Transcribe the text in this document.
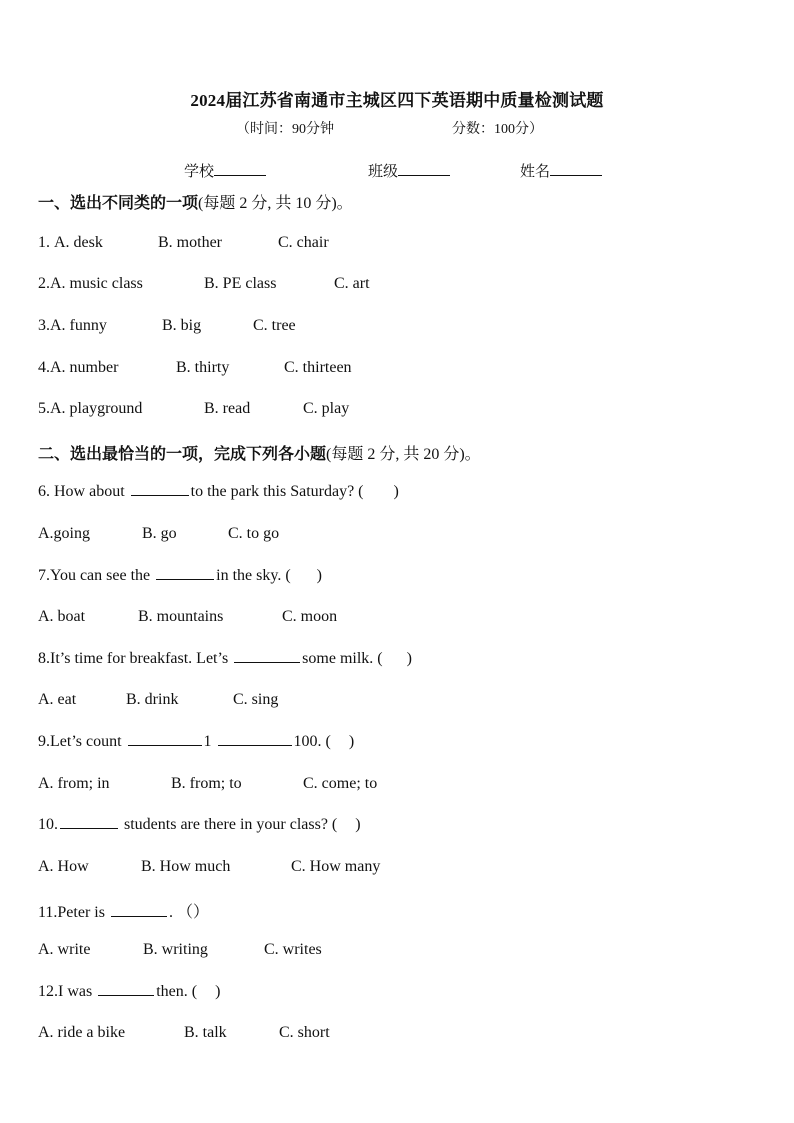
2024届江苏省南通市主城区四下英语期中质量检测试题
（时间：90分钟	分数：100分）
学校	班级	姓名
一、选出不同类的一项(每题 2 分, 共 10 分)。
1. A. desk	B. mother	C. chair
2.A. music class	B. PE class	C. art
3.A. funny	B. big	C. tree
4.A. number	B. thirty	C. thirteen
5.A. playground	B. read	C. play
二、选出最恰当的一项，完成下列各小题(每题 2 分, 共 20 分)。
6. How about	to the park this Saturday? ( )
A.going	B. go	C. to go
7.You can see the	in the sky. ( )
A. boat	B. mountains	C. moon
8.It’s time for breakfast. Let’s	some milk. ( )
A. eat	B. drink	C. sing
9.Let’s count	1	100. ( )
A. from; in	B. from; to	C. come; to
10.	students are there in your class? ( )
A. How	B. How much	C. How many
11.Peter is	. （）
A. write	B. writing	C. writes
12.I was	then. ( )
A. ride a bike	B. talk	C. short
